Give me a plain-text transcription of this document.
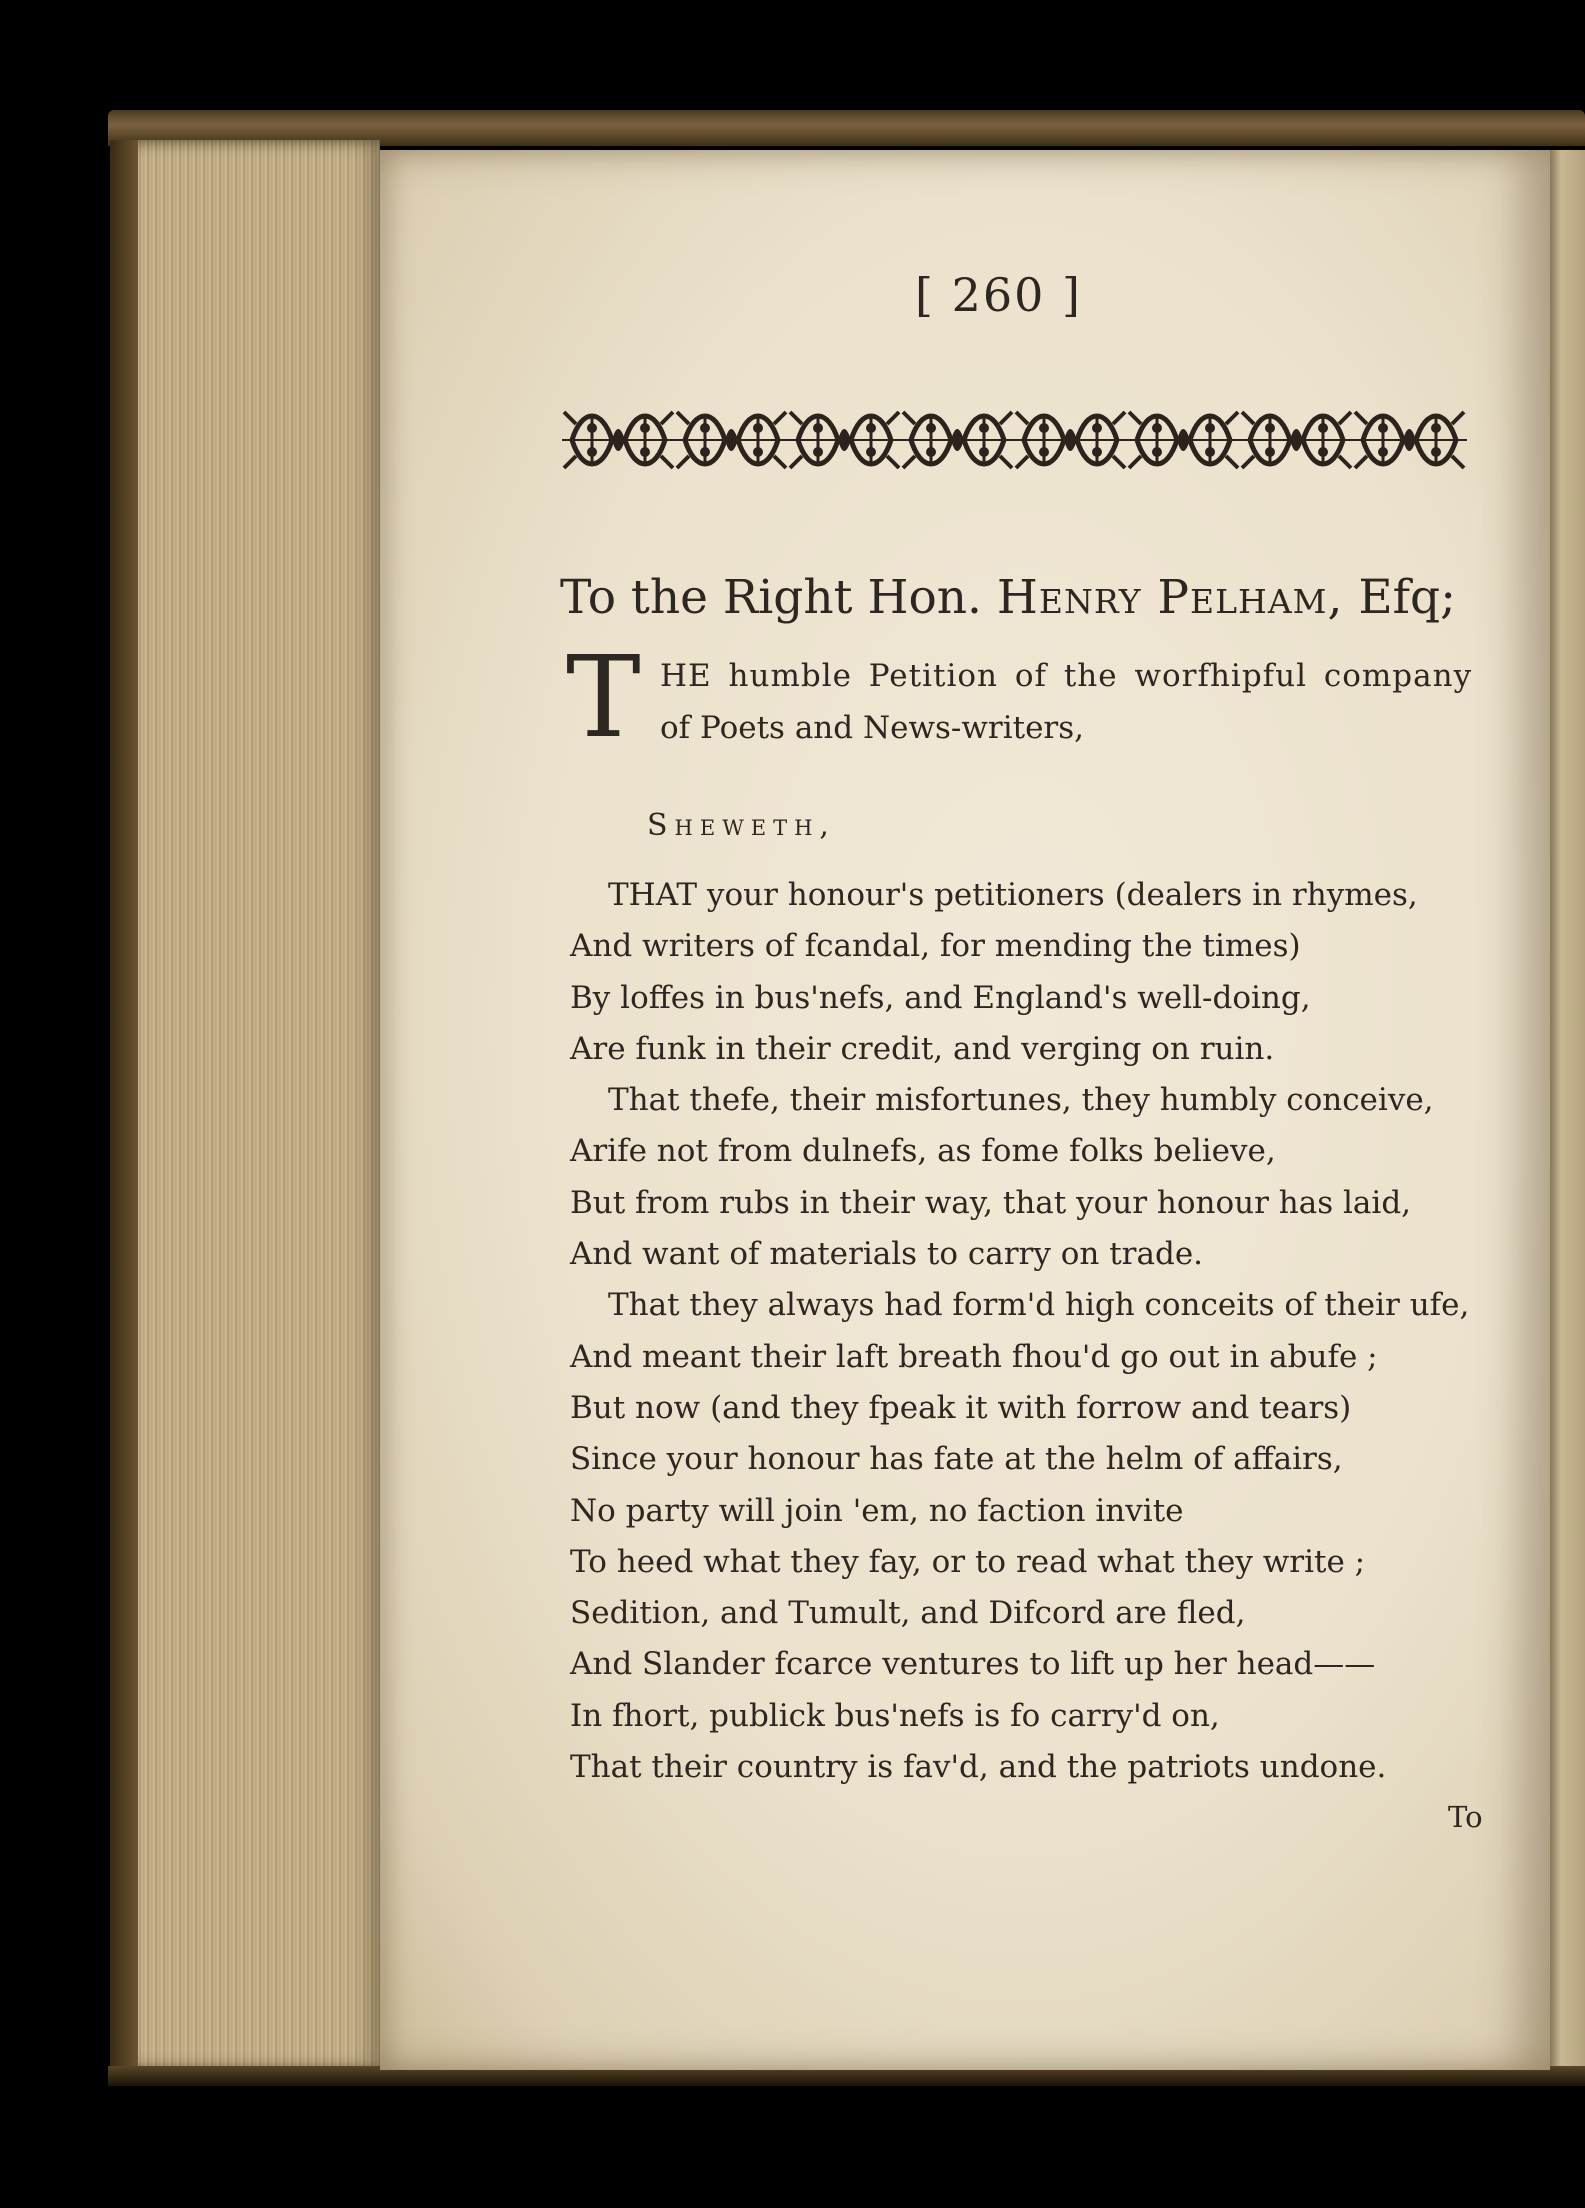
[ 260 ]
To the Right Hon. Henry Pelham, Efq;
T HE humble Petition of the worfhipful company
of Poets and News-writers,
Sheweth,
THAT your honour's petitioners (dealers in rhymes,
And writers of fcandal, for mending the times)
By loffes in bus'nefs, and England's well-doing,
Are funk in their credit, and verging on ruin.
That thefe, their misfortunes, they humbly conceive,
Arife not from dulnefs, as fome folks believe,
But from rubs in their way, that your honour has laid,
And want of materials to carry on trade.
That they always had form'd high conceits of their ufe,
And meant their laft breath fhou'd go out in abufe ;
But now (and they fpeak it with forrow and tears)
Since your honour has fate at the helm of affairs,
No party will join 'em, no faction invite
To heed what they fay, or to read what they write ;
Sedition, and Tumult, and Difcord are fled,
And Slander fcarce ventures to lift up her head——
In fhort, publick bus'nefs is fo carry'd on,
That their country is fav'd, and the patriots undone.
To
